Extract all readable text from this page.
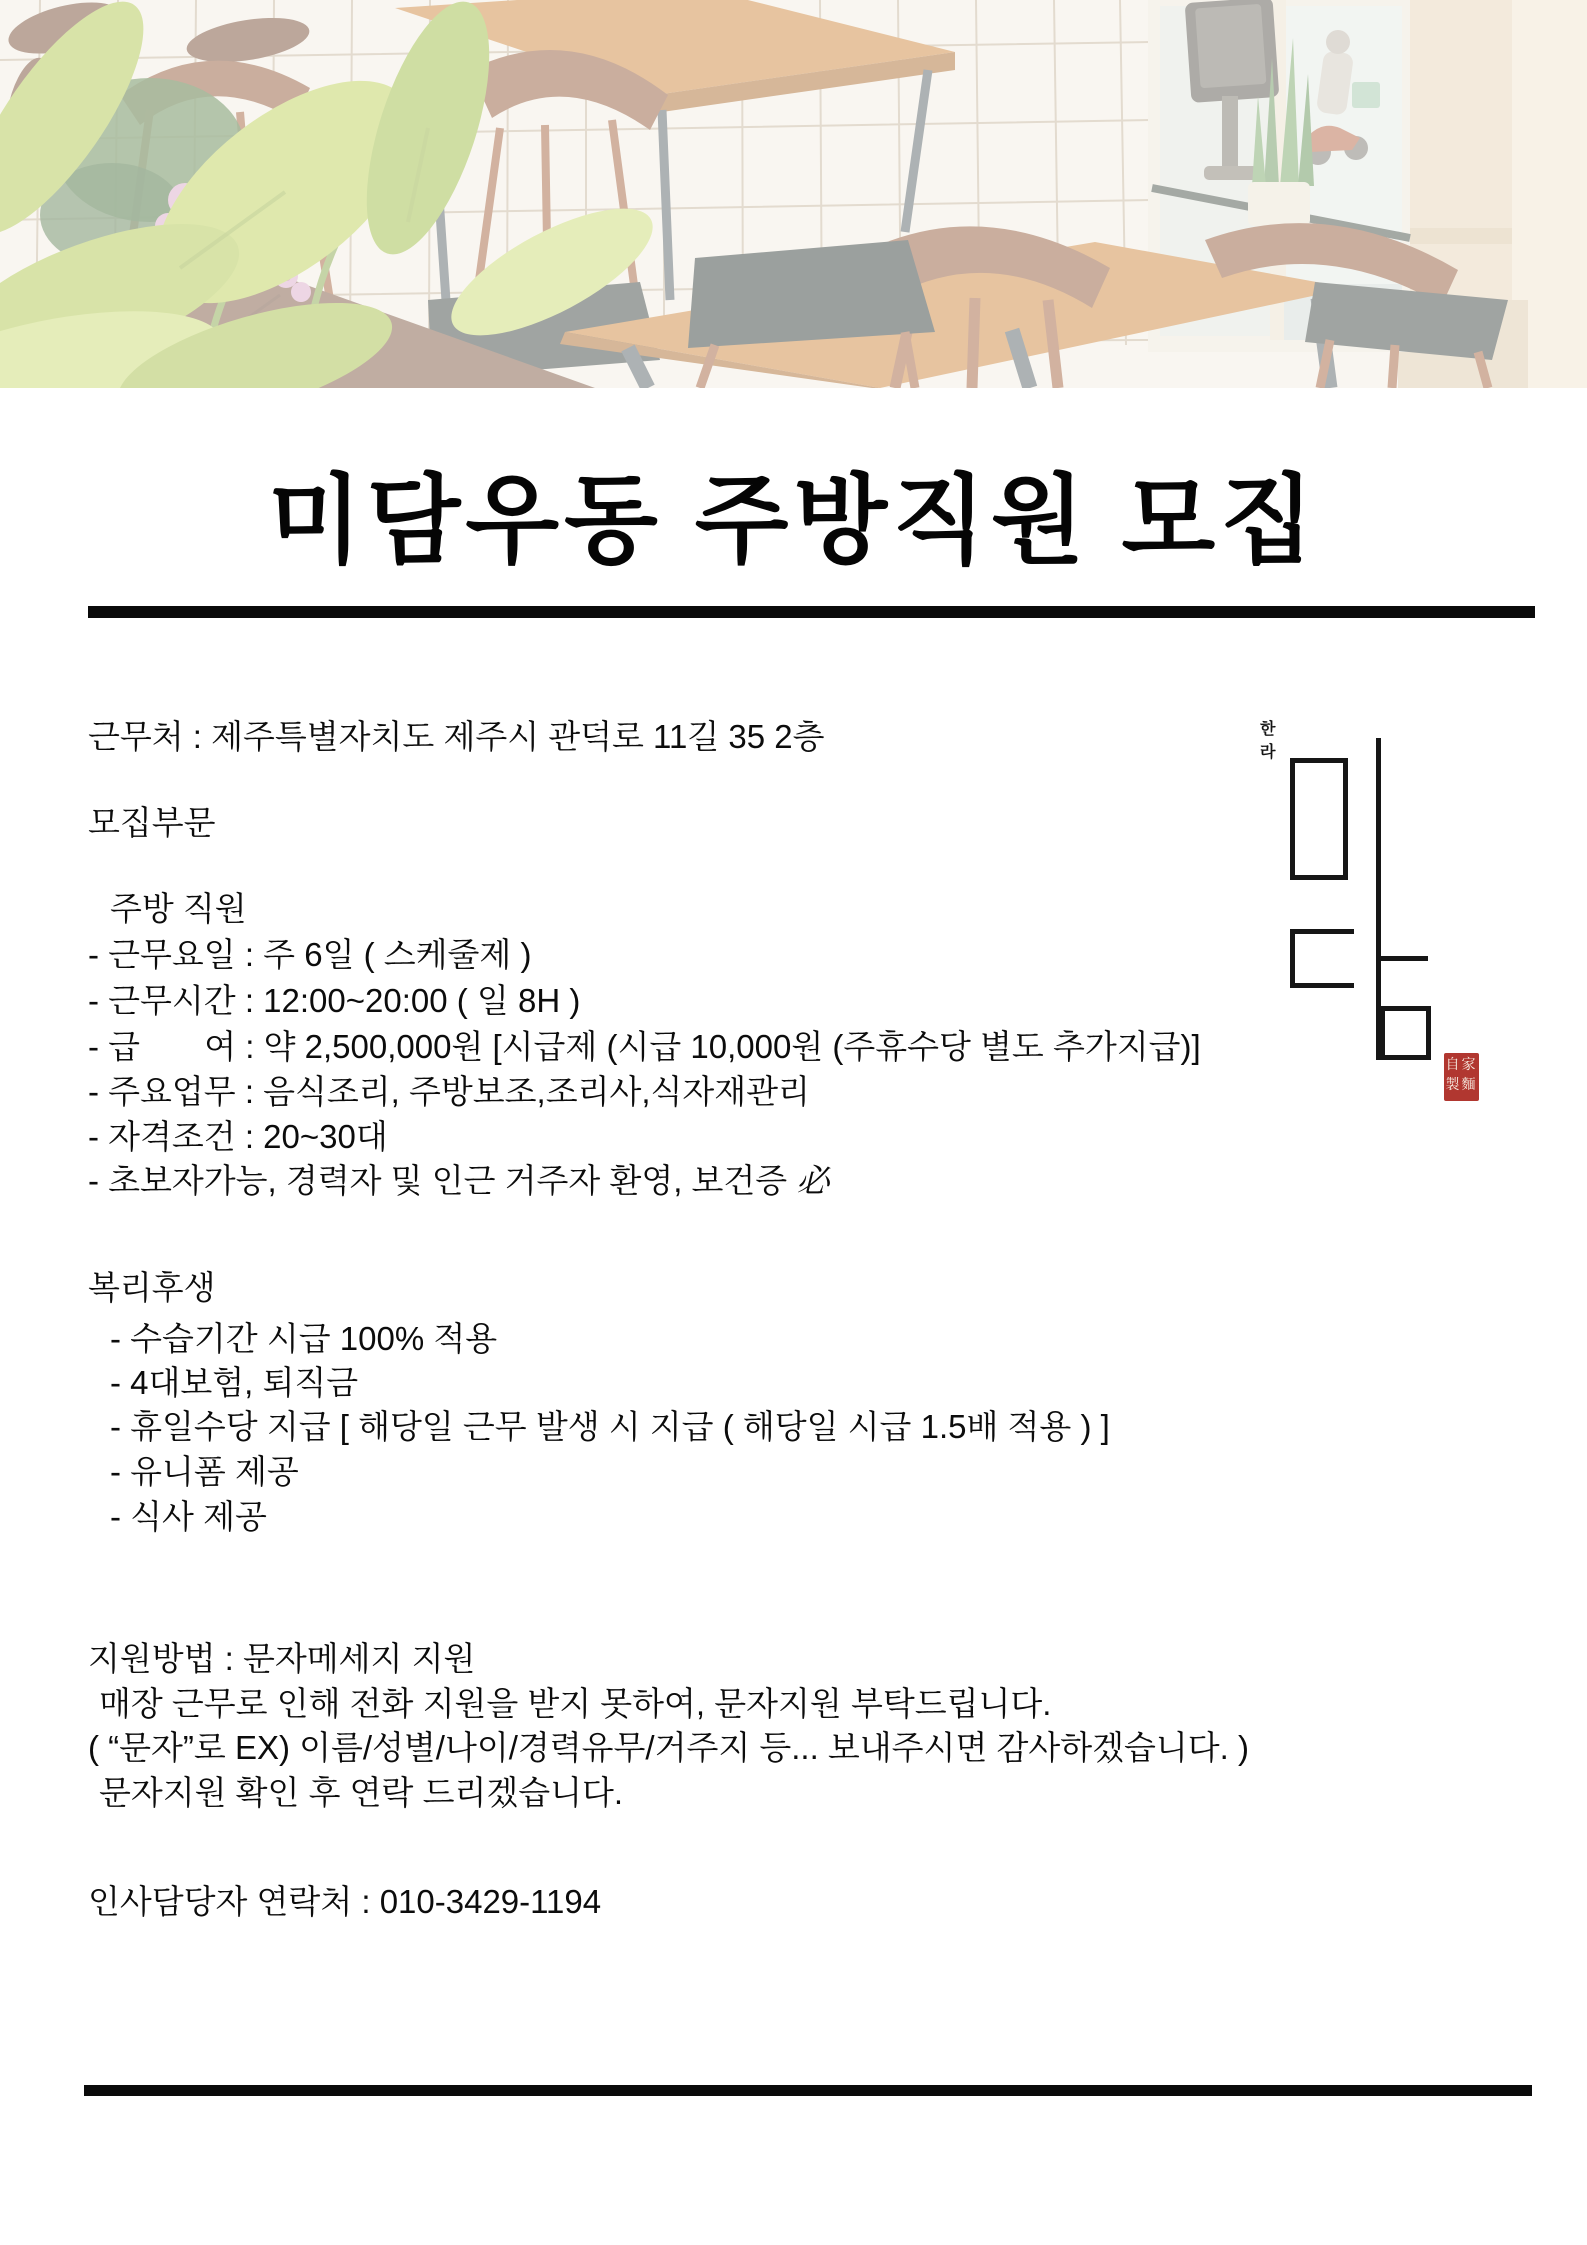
미담우동 주방직원 모집
근무처 : 제주특별자치도 제주시 관덕로 11길 35 2층
모집부문
주방 직원
- 근무요일 : 주 6일 ( 스케줄제 )
- 근무시간 : 12:00~20:00 ( 일 8H )
- 급       여 : 약 2,500,000원 [시급제 (시급 10,000원 (주휴수당 별도 추가지급)]
- 주요업무 : 음식조리, 주방보조,조리사,식자재관리
- 자격조건 : 20~30대
- 초보자가능, 경력자 및 인근 거주자 환영, 보건증 必
복리후생
- 수습기간 시급 100% 적용
- 4대보험, 퇴직금
- 휴일수당 지급 [ 해당일 근무 발생 시 지급 ( 해당일 시급 1.5배 적용 ) ]
- 유니폼 제공
- 식사 제공
지원방법 : 문자메세지 지원
매장 근무로 인해 전화 지원을 받지 못하여, 문자지원 부탁드립니다.
( “문자”로 EX) 이름/성별/나이/경력유무/거주지 등... 보내주시면 감사하겠습니다. )
문자지원 확인 후 연락 드리겠습니다.
인사담당자 연락처 : 010-3429-1194
한라
自家
製麵
